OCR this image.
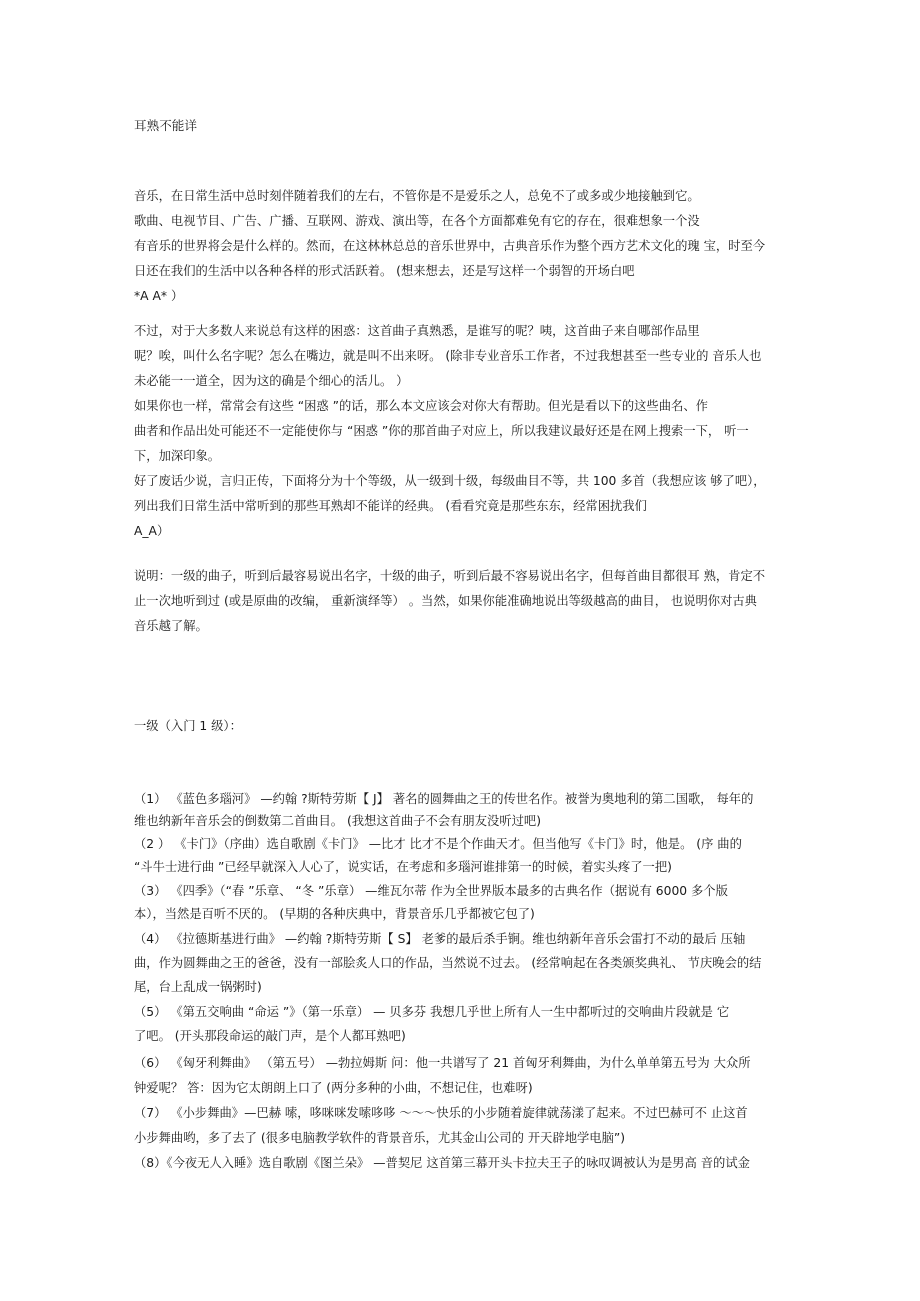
耳熟不能详
音乐，在日常生活中总时刻伴随着我们的左右，不管你是不是爱乐之人，总免不了或多或少地接触到它。
歌曲、电视节目、广告、广播、互联网、游戏、演出等，在各个方面都难免有它的存在，很难想象一个没
有音乐的世界将会是什么样的。然而，在这林林总总的音乐世界中，古典音乐作为整个西方艺术文化的瑰 宝，时至今
日还在我们的生活中以各种各样的形式活跃着。 (想来想去，还是写这样一个弱智的开场白吧
*A A* ）
不过，对于大多数人来说总有这样的困惑：这首曲子真熟悉，是谁写的呢？咦，这首曲子来自哪部作品里
呢？唉，叫什么名字呢？怎么在嘴边，就是叫不出来呀。 (除非专业音乐工作者，不过我想甚至一些专业的 音乐人也
未必能一一道全，因为这的确是个细心的活儿。 ）
如果你也一样，常常会有这些 “困惑 ”的话，那么本文应该会对你大有帮助。但光是看以下的这些曲名、作
曲者和作品出处可能还不一定能使你与 “困惑 ”你的那首曲子对应上，所以我建议最好还是在网上搜索一下， 听一
下，加深印象。
好了废话少说，言归正传，下面将分为十个等级，从一级到十级，每级曲目不等，共 100 多首（我想应该 够了吧），
列出我们日常生活中常听到的那些耳熟却不能详的经典。 (看看究竟是那些东东，经常困扰我们
A_A）
说明：一级的曲子，听到后最容易说出名字，十级的曲子，听到后最不容易说出名字，但每首曲目都很耳 熟，肯定不
止一次地听到过 (或是原曲的改编， 重新演绎等） 。当然，如果你能准确地说出等级越高的曲目， 也说明你对古典
音乐越了解。
一级（入门 1 级）：
（1） 《蓝色多瑙河》 —约翰 ?斯特劳斯【 J】 著名的圆舞曲之王的传世名作。被誉为奥地利的第二国歌， 每年的
维也纳新年音乐会的倒数第二首曲目。 (我想这首曲子不会有朋友没听过吧)
（2 ） 《卡门》（序曲）选自歌剧《卡门》 —比才 比才不是个作曲天才。但当他写《卡门》时，他是。 (序 曲的
“斗牛士进行曲 ”已经早就深入人心了，说实话，在考虑和多瑙河谁排第一的时候，着实头疼了一把)
（3） 《四季》（“春 ”乐章、 “冬 ”乐章） —维瓦尔蒂 作为全世界版本最多的古典名作（据说有 6000 多个版
本），当然是百听不厌的。 (早期的各种庆典中，背景音乐几乎都被它包了)
（4） 《拉德斯基进行曲》 —约翰 ?斯特劳斯【 S】 老爹的最后杀手锏。维也纳新年音乐会雷打不动的最后 压轴
曲，作为圆舞曲之王的爸爸，没有一部脍炙人口的作品，当然说不过去。 (经常响起在各类颁奖典礼、 节庆晚会的结
尾，台上乱成一锅粥时)
（5） 《第五交响曲 “命运 ”》（第一乐章） — 贝多芬 我想几乎世上所有人一生中都听过的交响曲片段就是 它
了吧。 (开头那段命运的敲门声，是个人都耳熟吧)
（6） 《匈牙利舞曲》 （第五号） —勃拉姆斯 问：他一共谱写了 21 首匈牙利舞曲，为什么单单第五号为 大众所
钟爱呢？ 答：因为它太朗朗上口了 (两分多种的小曲，不想记住，也难呀)
（7） 《小步舞曲》—巴赫 嗦，哆咪咪发嗦哆哆 ～～～快乐的小步随着旋律就荡漾了起来。不过巴赫可不 止这首
小步舞曲哟，多了去了 (很多电脑教学软件的背景音乐，尤其金山公司的 开天辟地学电脑”)
（8）《今夜无人入睡》选自歌剧《图兰朵》 —普契尼 这首第三幕开头卡拉夫王子的咏叹调被认为是男高 音的试金
